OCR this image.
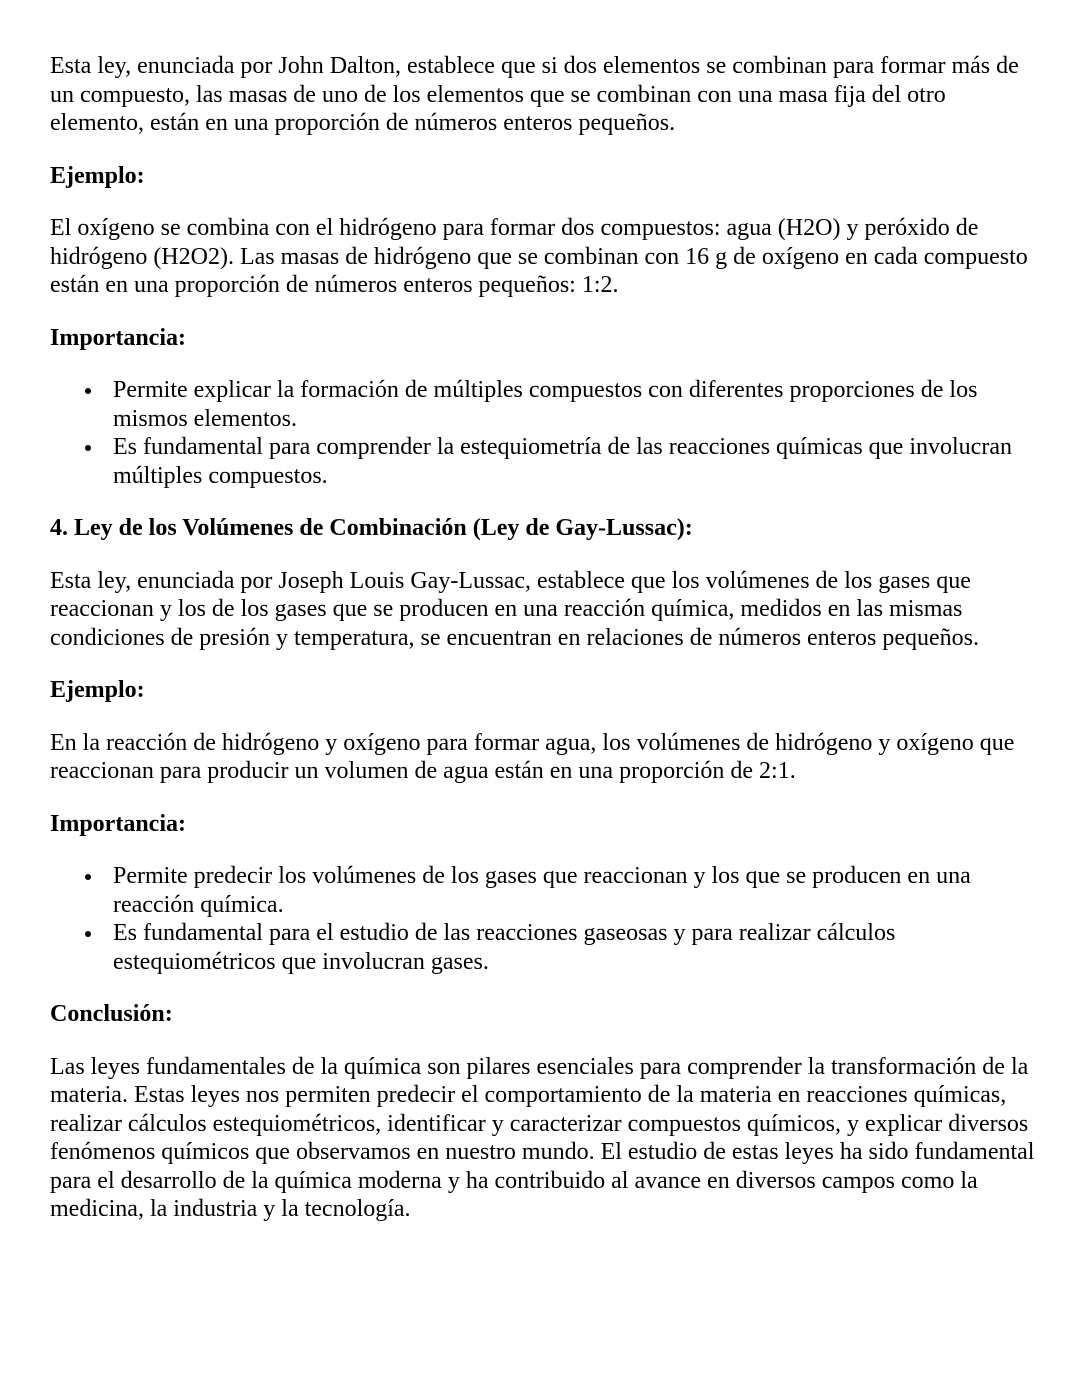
Esta ley, enunciada por John Dalton, establece que si dos elementos se combinan para formar más de un compuesto, las masas de uno de los elementos que se combinan con una masa fija del otro elemento, están en una proporción de números enteros pequeños.

Ejemplo:

El oxígeno se combina con el hidrógeno para formar dos compuestos: agua (H2O) y peróxido de hidrógeno (H2O2). Las masas de hidrógeno que se combinan con 16 g de oxígeno en cada compuesto están en una proporción de números enteros pequeños: 1:2.

Importancia:

Permite explicar la formación de múltiples compuestos con diferentes proporciones de los mismos elementos.
Es fundamental para comprender la estequiometría de las reacciones químicas que involucran múltiples compuestos.

4. Ley de los Volúmenes de Combinación (Ley de Gay-Lussac):

Esta ley, enunciada por Joseph Louis Gay-Lussac, establece que los volúmenes de los gases que reaccionan y los de los gases que se producen en una reacción química, medidos en las mismas condiciones de presión y temperatura, se encuentran en relaciones de números enteros pequeños.

Ejemplo:

En la reacción de hidrógeno y oxígeno para formar agua, los volúmenes de hidrógeno y oxígeno que reaccionan para producir un volumen de agua están en una proporción de 2:1.

Importancia:

Permite predecir los volúmenes de los gases que reaccionan y los que se producen en una reacción química.
Es fundamental para el estudio de las reacciones gaseosas y para realizar cálculos estequiométricos que involucran gases.

Conclusión:

Las leyes fundamentales de la química son pilares esenciales para comprender la transformación de la materia. Estas leyes nos permiten predecir el comportamiento de la materia en reacciones químicas, realizar cálculos estequiométricos, identificar y caracterizar compuestos químicos, y explicar diversos fenómenos químicos que observamos en nuestro mundo. El estudio de estas leyes ha sido fundamental para el desarrollo de la química moderna y ha contribuido al avance en diversos campos como la medicina, la industria y la tecnología.
